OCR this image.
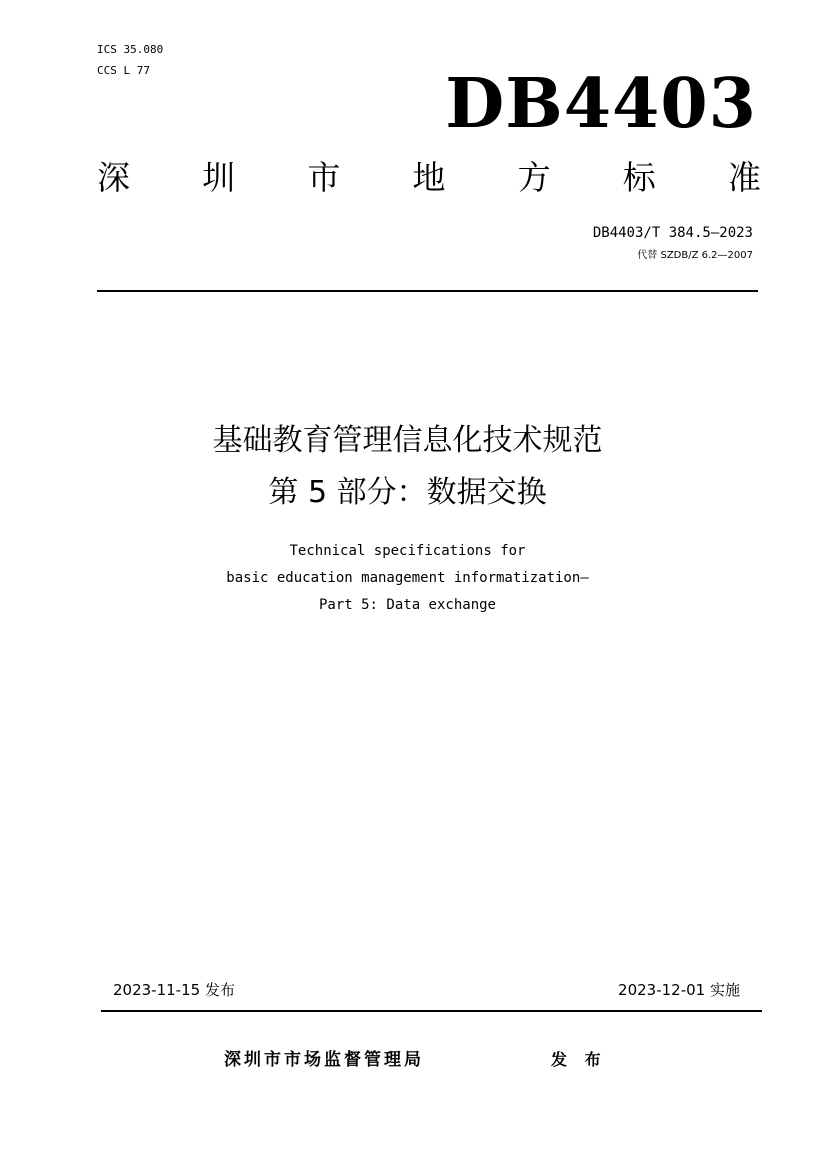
ICS 35.080
CCS L 77	DB4403
深 圳 市 地 方 标 准
DB4403/T 384.5—2023
代替 SZDB/Z 6.2—2007
基础教育管理信息化技术规范
第 5 部分：数据交换
Technical specifications for
basic education management informatization—
Part 5: Data exchange
2023-11-15 发布	2023-12-01 实施
深圳市市场监督管理局	发 布
